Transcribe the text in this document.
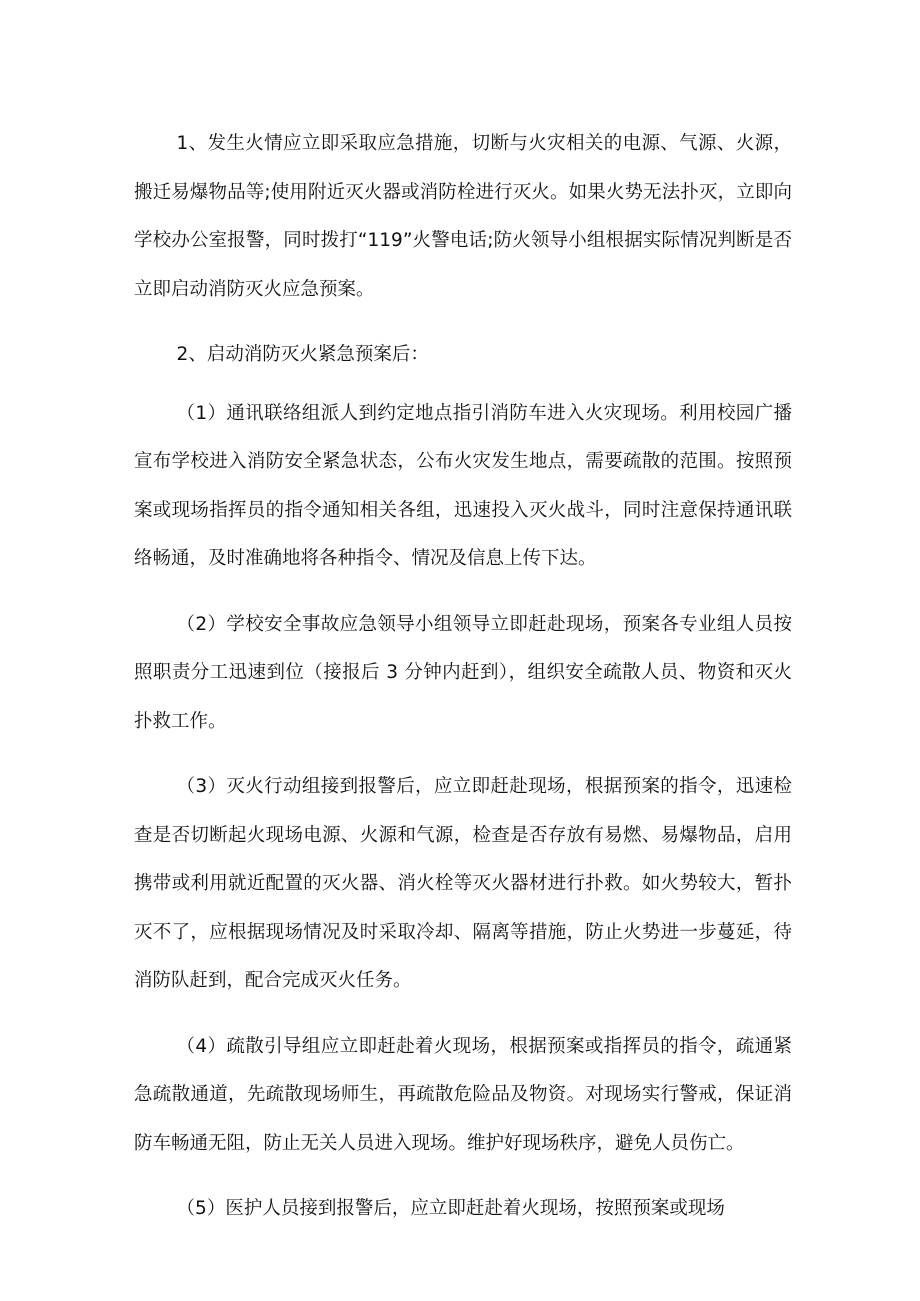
1、发生火情应立即采取应急措施，切断与火灾相关的电源、气源、火源，搬迁易爆物品等;使用附近灭火器或消防栓进行灭火。如果火势无法扑灭，立即向学校办公室报警，同时拨打“119”火警电话;防火领导小组根据实际情况判断是否立即启动消防灭火应急预案。

2、启动消防灭火紧急预案后：

（1）通讯联络组派人到约定地点指引消防车进入火灾现场。利用校园广播宣布学校进入消防安全紧急状态，公布火灾发生地点，需要疏散的范围。按照预案或现场指挥员的指令通知相关各组，迅速投入灭火战斗，同时注意保持通讯联络畅通，及时准确地将各种指令、情况及信息上传下达。

（2）学校安全事故应急领导小组领导立即赶赴现场，预案各专业组人员按照职责分工迅速到位（接报后 3 分钟内赶到），组织安全疏散人员、物资和灭火扑救工作。

（3）灭火行动组接到报警后，应立即赶赴现场，根据预案的指令，迅速检查是否切断起火现场电源、火源和气源，检查是否存放有易燃、易爆物品，启用携带或利用就近配置的灭火器、消火栓等灭火器材进行扑救。如火势较大，暂扑灭不了，应根据现场情况及时采取冷却、隔离等措施，防止火势进一步蔓延，待消防队赶到，配合完成灭火任务。

（4）疏散引导组应立即赶赴着火现场，根据预案或指挥员的指令，疏通紧急疏散通道，先疏散现场师生，再疏散危险品及物资。对现场实行警戒，保证消防车畅通无阻，防止无关人员进入现场。维护好现场秩序，避免人员伤亡。

（5）医护人员接到报警后，应立即赶赴着火现场，按照预案或现场
